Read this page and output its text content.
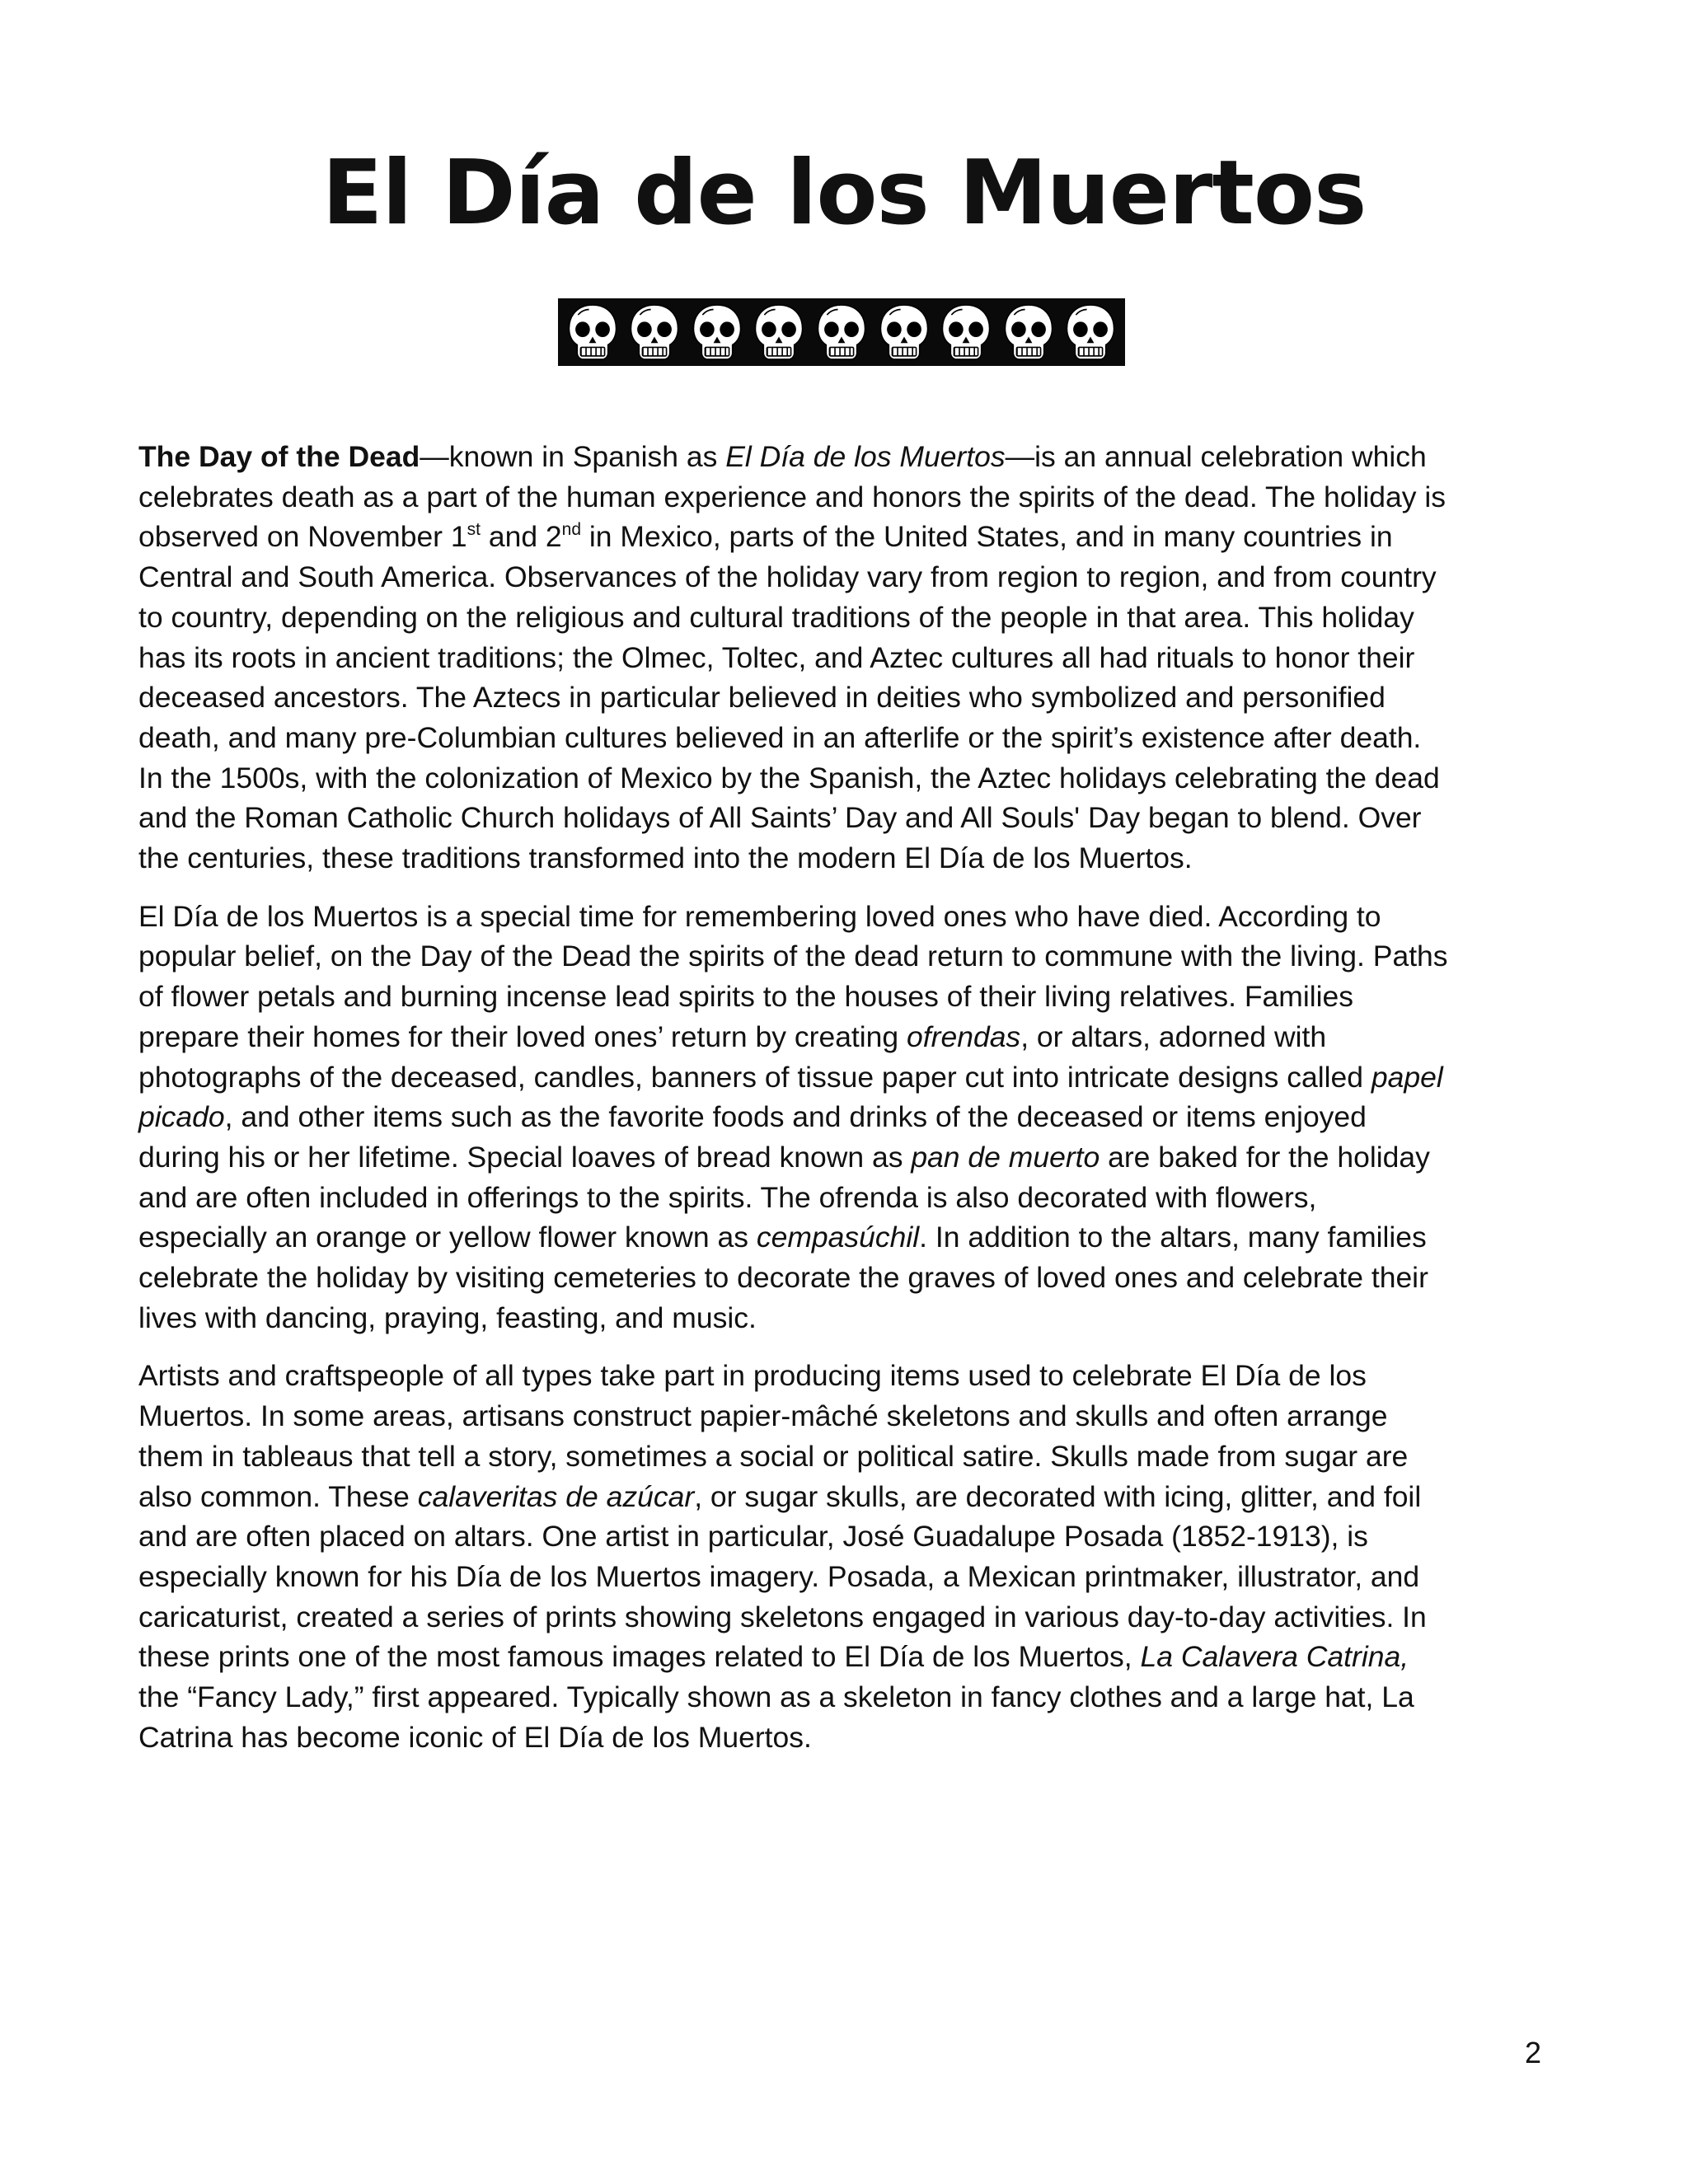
El Día de los Muertos

The Day of the Dead—known in Spanish as El Día de los Muertos—is an annual celebration which celebrates death as a part of the human experience and honors the spirits of the dead. The holiday is observed on November 1st and 2nd in Mexico, parts of the United States, and in many countries in Central and South America. Observances of the holiday vary from region to region, and from country to country, depending on the religious and cultural traditions of the people in that area. This holiday has its roots in ancient traditions; the Olmec, Toltec, and Aztec cultures all had rituals to honor their deceased ancestors. The Aztecs in particular believed in deities who symbolized and personified death, and many pre-Columbian cultures believed in an afterlife or the spirit’s existence after death. In the 1500s, with the colonization of Mexico by the Spanish, the Aztec holidays celebrating the dead and the Roman Catholic Church holidays of All Saints’ Day and All Souls' Day began to blend. Over the centuries, these traditions transformed into the modern El Día de los Muertos.

El Día de los Muertos is a special time for remembering loved ones who have died. According to popular belief, on the Day of the Dead the spirits of the dead return to commune with the living. Paths of flower petals and burning incense lead spirits to the houses of their living relatives. Families prepare their homes for their loved ones’ return by creating ofrendas, or altars, adorned with photographs of the deceased, candles, banners of tissue paper cut into intricate designs called papel picado, and other items such as the favorite foods and drinks of the deceased or items enjoyed during his or her lifetime. Special loaves of bread known as pan de muerto are baked for the holiday and are often included in offerings to the spirits. The ofrenda is also decorated with flowers, especially an orange or yellow flower known as cempasúchil. In addition to the altars, many families celebrate the holiday by visiting cemeteries to decorate the graves of loved ones and celebrate their lives with dancing, praying, feasting, and music.

Artists and craftspeople of all types take part in producing items used to celebrate El Día de los Muertos. In some areas, artisans construct papier-mâché skeletons and skulls and often arrange them in tableaus that tell a story, sometimes a social or political satire. Skulls made from sugar are also common. These calaveritas de azúcar, or sugar skulls, are decorated with icing, glitter, and foil and are often placed on altars. One artist in particular, José Guadalupe Posada (1852-1913), is especially known for his Día de los Muertos imagery. Posada, a Mexican printmaker, illustrator, and caricaturist, created a series of prints showing skeletons engaged in various day-to-day activities. In these prints one of the most famous images related to El Día de los Muertos, La Calavera Catrina, the “Fancy Lady,” first appeared. Typically shown as a skeleton in fancy clothes and a large hat, La Catrina has become iconic of El Día de los Muertos.

2
